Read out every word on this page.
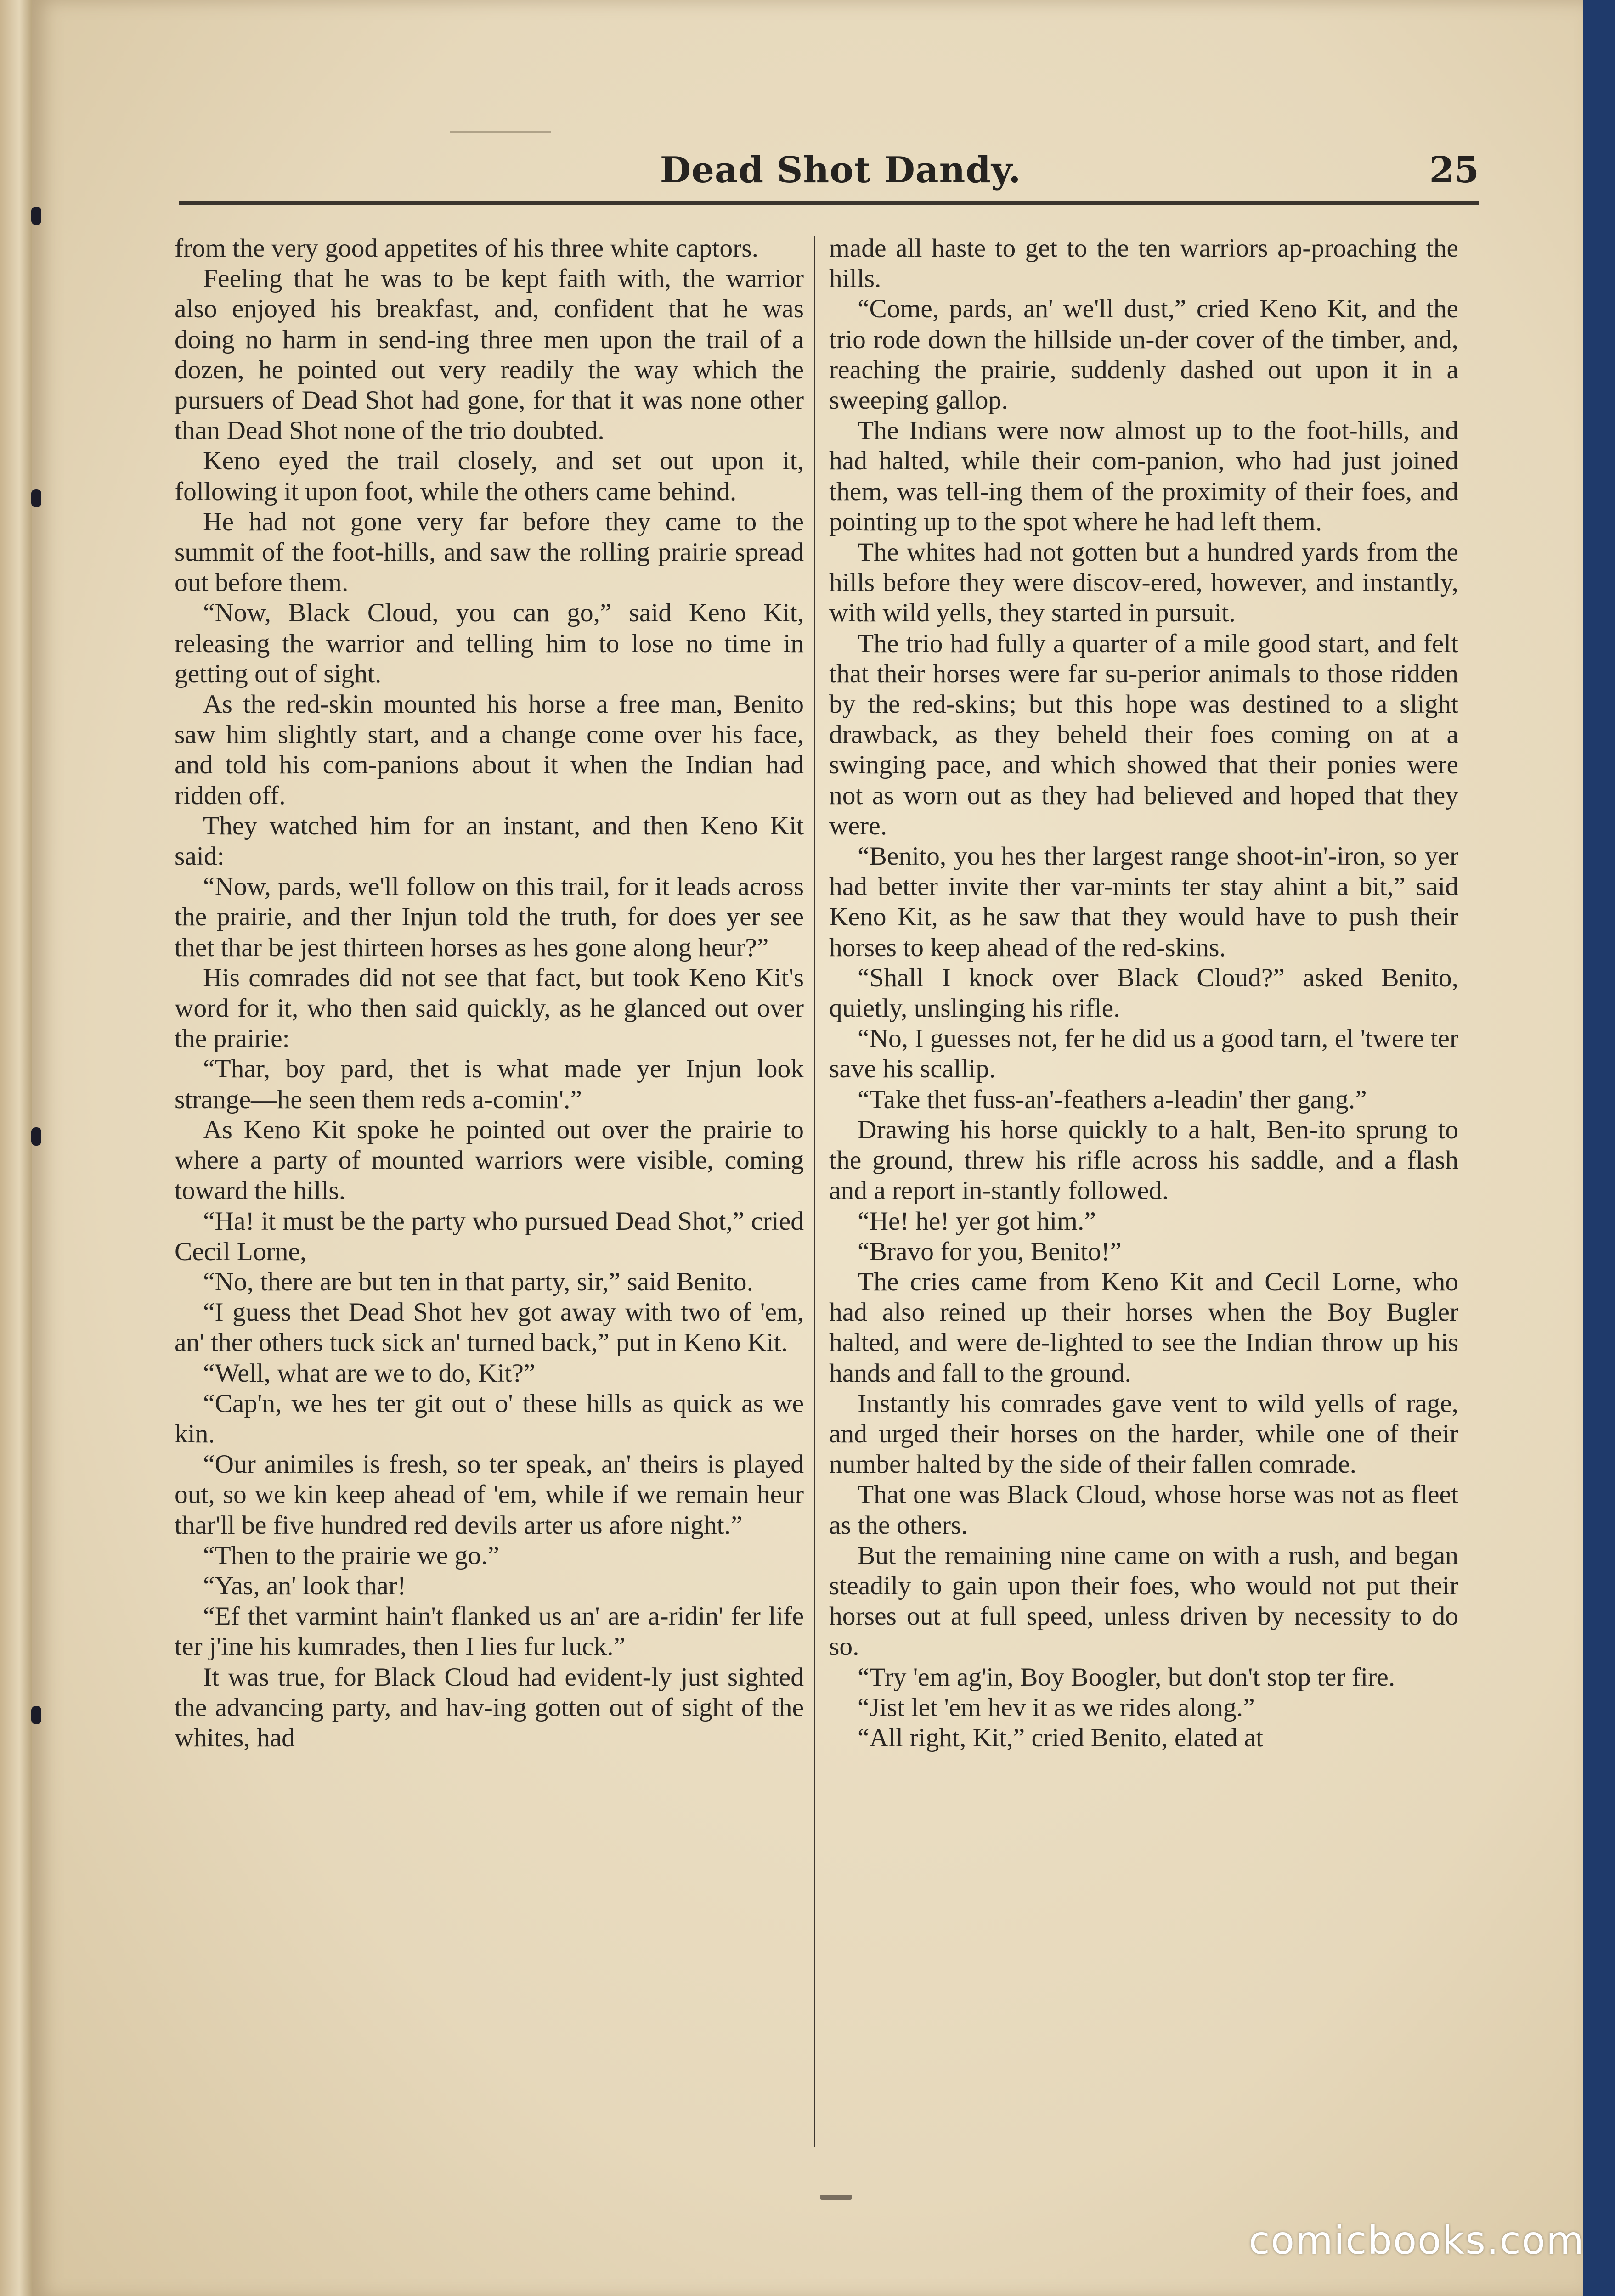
Dead Shot Dandy.	25

from the very good appetites of his three white captors.

Feeling that he was to be kept faith with, the warrior also enjoyed his breakfast, and, confident that he was doing no harm in send-ing three men upon the trail of a dozen, he pointed out very readily the way which the pursuers of Dead Shot had gone, for that it was none other than Dead Shot none of the trio doubted.

Keno eyed the trail closely, and set out upon it, following it upon foot, while the others came behind.

He had not gone very far before they came to the summit of the foot-hills, and saw the rolling prairie spread out before them.

“Now, Black Cloud, you can go,” said Keno Kit, releasing the warrior and telling him to lose no time in getting out of sight.

As the red-skin mounted his horse a free man, Benito saw him slightly start, and a change come over his face, and told his com-panions about it when the Indian had ridden off.

They watched him for an instant, and then Keno Kit said:

“Now, pards, we'll follow on this trail, for it leads across the prairie, and ther Injun told the truth, for does yer see thet thar be jest thirteen horses as hes gone along heur?”

His comrades did not see that fact, but took Keno Kit's word for it, who then said quickly, as he glanced out over the prairie:

“Thar, boy pard, thet is what made yer Injun look strange—he seen them reds a-comin'.”

As Keno Kit spoke he pointed out over the prairie to where a party of mounted warriors were visible, coming toward the hills.

“Ha! it must be the party who pursued Dead Shot,” cried Cecil Lorne,

“No, there are but ten in that party, sir,” said Benito.

“I guess thet Dead Shot hev got away with two of 'em, an' ther others tuck sick an' turned back,” put in Keno Kit.

“Well, what are we to do, Kit?”

“Cap'n, we hes ter git out o' these hills as quick as we kin.

“Our animiles is fresh, so ter speak, an' theirs is played out, so we kin keep ahead of 'em, while if we remain heur thar'll be five hundred red devils arter us afore night.”

“Then to the prairie we go.”

“Yas, an' look thar!

“Ef thet varmint hain't flanked us an' are a-ridin' fer life ter j'ine his kumrades, then I lies fur luck.”

It was true, for Black Cloud had evident-ly just sighted the advancing party, and hav-ing gotten out of sight of the whites, had

made all haste to get to the ten warriors ap-proaching the hills.

“Come, pards, an' we'll dust,” cried Keno Kit, and the trio rode down the hillside un-der cover of the timber, and, reaching the prairie, suddenly dashed out upon it in a sweeping gallop.

The Indians were now almost up to the foot-hills, and had halted, while their com-panion, who had just joined them, was tell-ing them of the proximity of their foes, and pointing up to the spot where he had left them.

The whites had not gotten but a hundred yards from the hills before they were discov-ered, however, and instantly, with wild yells, they started in pursuit.

The trio had fully a quarter of a mile good start, and felt that their horses were far su-perior animals to those ridden by the red-skins; but this hope was destined to a slight drawback, as they beheld their foes coming on at a swinging pace, and which showed that their ponies were not as worn out as they had believed and hoped that they were.

“Benito, you hes ther largest range shoot-in'-iron, so yer had better invite ther var-mints ter stay ahint a bit,” said Keno Kit, as he saw that they would have to push their horses to keep ahead of the red-skins.

“Shall I knock over Black Cloud?” asked Benito, quietly, unslinging his rifle.

“No, I guesses not, fer he did us a good tarn, el 'twere ter save his scallip.

“Take thet fuss-an'-feathers a-leadin' ther gang.”

Drawing his horse quickly to a halt, Ben-ito sprung to the ground, threw his rifle across his saddle, and a flash and a report in-stantly followed.

“He! he! yer got him.”

“Bravo for you, Benito!”

The cries came from Keno Kit and Cecil Lorne, who had also reined up their horses when the Boy Bugler halted, and were de-lighted to see the Indian throw up his hands and fall to the ground.

Instantly his comrades gave vent to wild yells of rage, and urged their horses on the harder, while one of their number halted by the side of their fallen comrade.

That one was Black Cloud, whose horse was not as fleet as the others.

But the remaining nine came on with a rush, and began steadily to gain upon their foes, who would not put their horses out at full speed, unless driven by necessity to do so.

“Try 'em ag'in, Boy Boogler, but don't stop ter fire.

“Jist let 'em hev it as we rides along.”

“All right, Kit,” cried Benito, elated at

comicbooks.com
